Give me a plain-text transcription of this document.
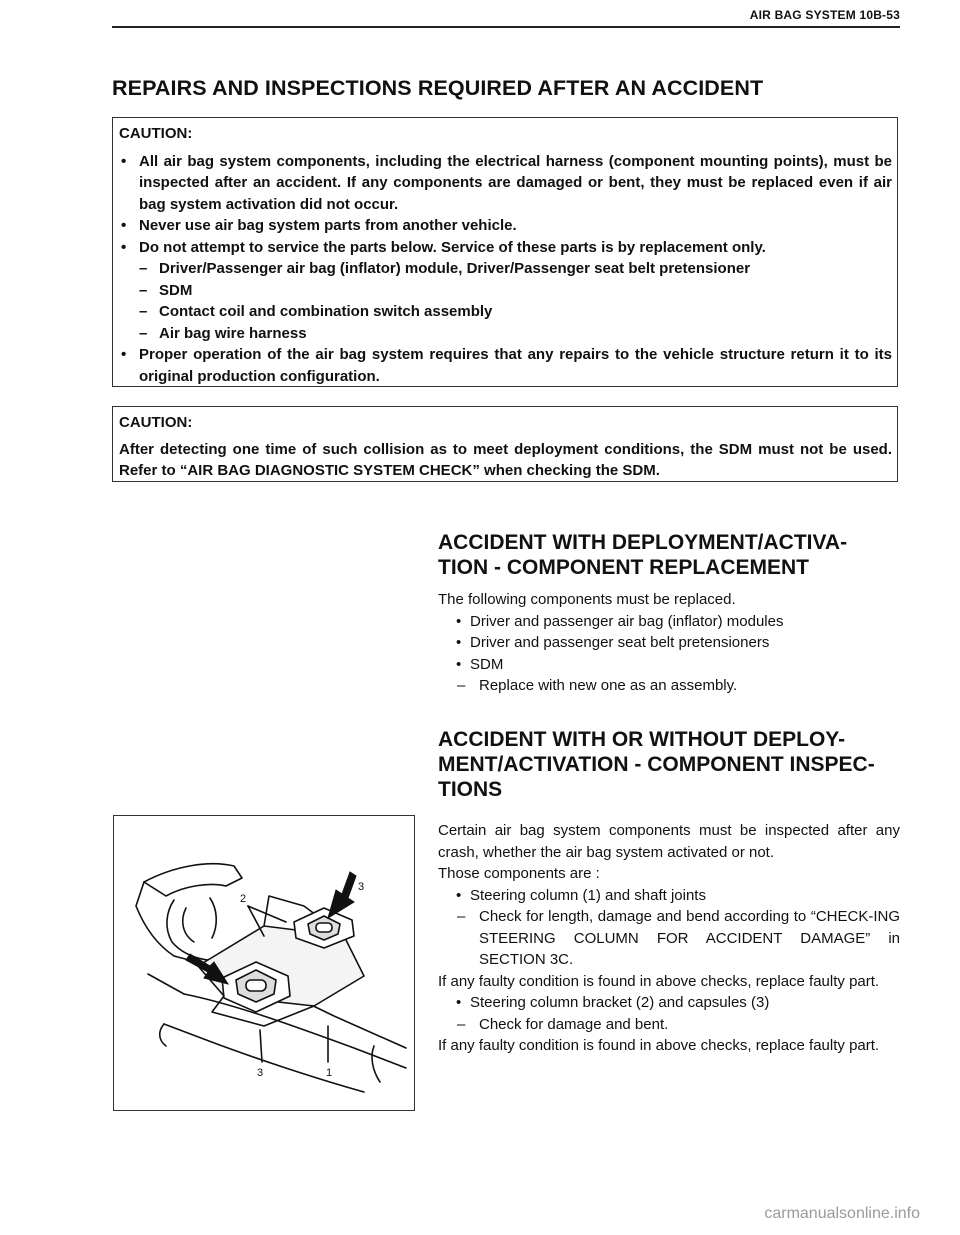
AIR BAG SYSTEM 10B-53
REPAIRS AND INSPECTIONS REQUIRED AFTER AN ACCIDENT
CAUTION:
• All air bag system components, including the electrical harness (component mounting points), must be inspected after an accident. If any components are damaged or bent, they must be replaced even if air bag system activation did not occur.
• Never use air bag system parts from another vehicle.
• Do not attempt to service the parts below. Service of these parts is by replacement only.
– Driver/Passenger air bag (inflator) module, Driver/Passenger seat belt pretensioner
– SDM
– Contact coil and combination switch assembly
– Air bag wire harness
• Proper operation of the air bag system requires that any repairs to the vehicle structure return it to its original production configuration.
CAUTION:
After detecting one time of such collision as to meet deployment conditions, the SDM must not be used. Refer to “AIR BAG DIAGNOSTIC SYSTEM CHECK” when checking the SDM.
ACCIDENT WITH DEPLOYMENT/ACTIVA-
TION - COMPONENT REPLACEMENT
The following components must be replaced.
• Driver and passenger air bag (inflator) modules
• Driver and passenger seat belt pretensioners
• SDM
– Replace with new one as an assembly.
ACCIDENT WITH OR WITHOUT DEPLOY-
MENT/ACTIVATION - COMPONENT INSPEC-
TIONS
Certain air bag system components must be inspected after any crash, whether the air bag system activated or not.
Those components are :
• Steering column (1) and shaft joints
– Check for length, damage and bend according to “CHECK-ING STEERING COLUMN FOR ACCIDENT DAMAGE” in SECTION 3C.
If any faulty condition is found in above checks, replace faulty part.
• Steering column bracket (2) and capsules (3)
– Check for damage and bent.
If any faulty condition is found in above checks, replace faulty part.
2
3
3	1
carmanualsonline.info
